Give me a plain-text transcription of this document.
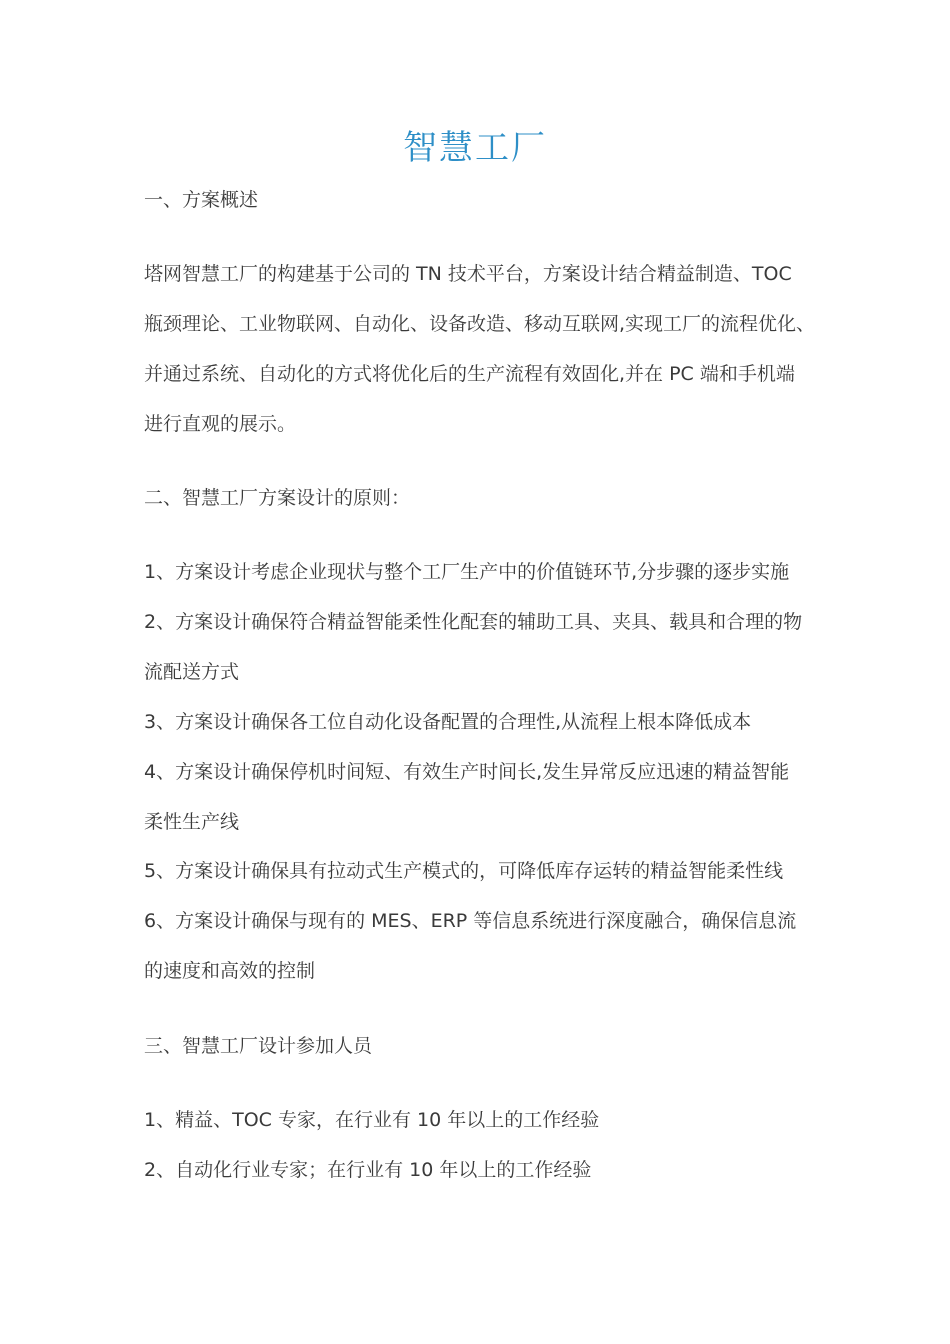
智慧工厂
一、方案概述
塔网智慧工厂的构建基于公司的 TN 技术平台，方案设计结合精益制造、TOC
瓶颈理论、工业物联网、自动化、设备改造、移动互联网,实现工厂的流程优化、
并通过系统、自动化的方式将优化后的生产流程有效固化,并在 PC 端和手机端
进行直观的展示。
二、智慧工厂方案设计的原则：
1、方案设计考虑企业现状与整个工厂生产中的价值链环节,分步骤的逐步实施
2、方案设计确保符合精益智能柔性化配套的辅助工具、夹具、载具和合理的物
流配送方式
3、方案设计确保各工位自动化设备配置的合理性,从流程上根本降低成本
4、方案设计确保停机时间短、有效生产时间长,发生异常反应迅速的精益智能
柔性生产线
5、方案设计确保具有拉动式生产模式的，可降低库存运转的精益智能柔性线
6、方案设计确保与现有的 MES、ERP 等信息系统进行深度融合，确保信息流
的速度和高效的控制
三、智慧工厂设计参加人员
1、精益、TOC 专家，在行业有 10 年以上的工作经验
2、自动化行业专家；在行业有 10 年以上的工作经验
